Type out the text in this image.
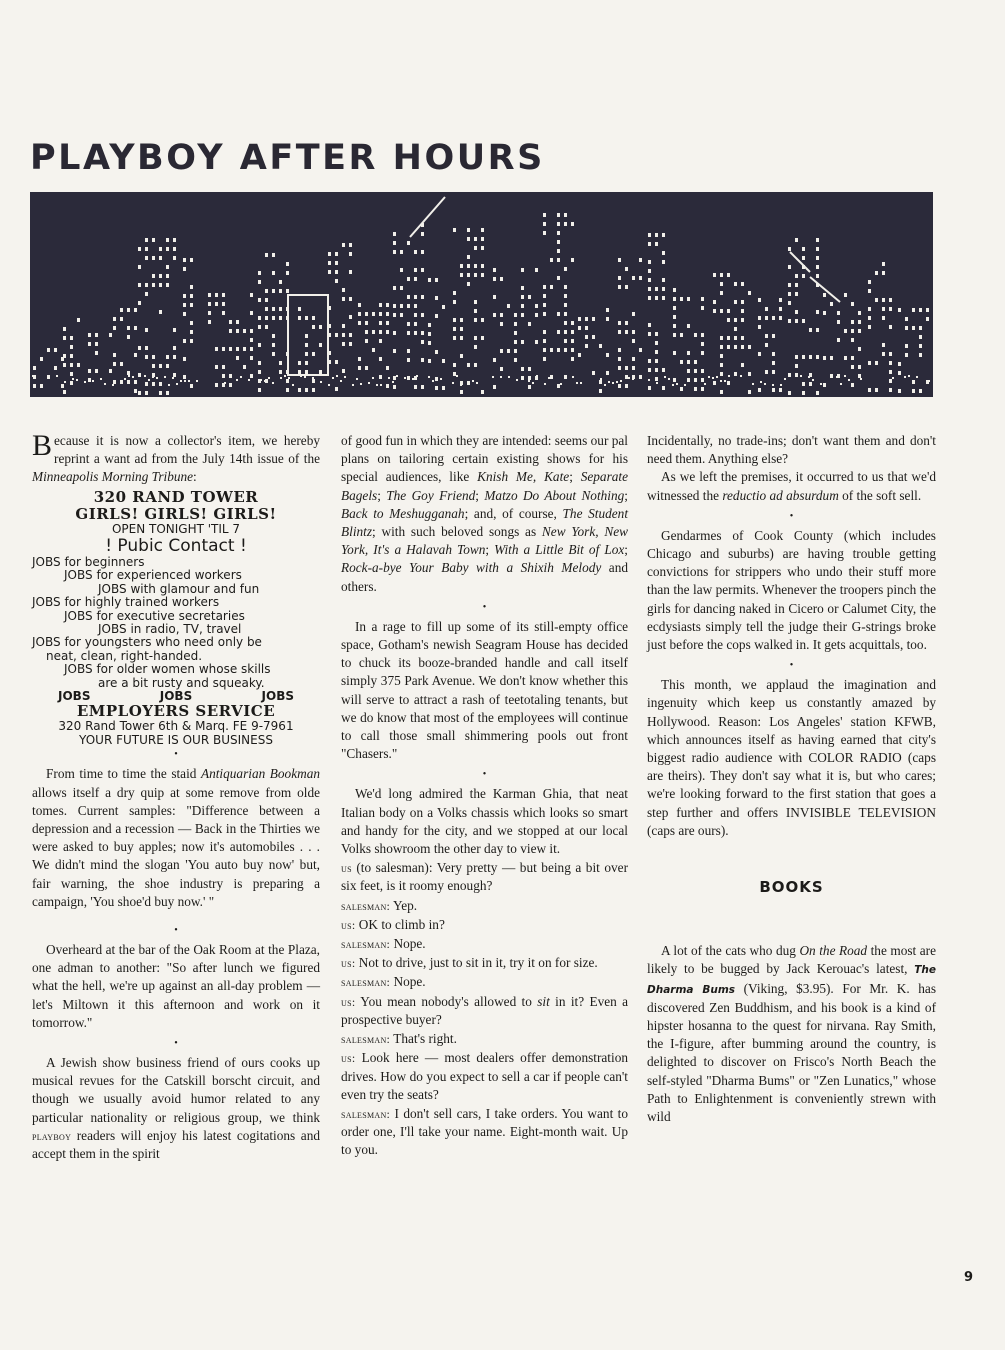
PLAYBOY AFTER HOURS

Because it is now a collector's item, we hereby reprint a want ad from the July 14th issue of the Minneapolis Morning Tribune:

320 RAND TOWER
GIRLS! GIRLS! GIRLS!
OPEN TONIGHT 'TIL 7
! Pubic Contact !
JOBS for beginners
JOBS for experienced workers
JOBS with glamour and fun
JOBS for highly trained workers
JOBS for executive secretaries
JOBS in radio, TV, travel
JOBS for youngsters who need only be
neat, clean, right-handed.
JOBS for older women whose skills
are a bit rusty and squeaky.
JOBS	JOBS	JOBS
EMPLOYERS SERVICE
320 Rand Tower 6th & Marq. FE 9-7961
YOUR FUTURE IS OUR BUSINESS
•

From time to time the staid Antiquarian Bookman allows itself a dry quip at some remove from olde tomes. Current samples: "Difference between a depression and a recession — Back in the Thirties we were asked to buy apples; now it's automobiles . . . We didn't mind the slogan 'You auto buy now' but, fair warning, the shoe industry is preparing a campaign, 'You shoe'd buy now.' "

•

Overheard at the bar of the Oak Room at the Plaza, one adman to another: "So after lunch we figured what the hell, we're up against an all-day problem — let's Miltown it this afternoon and work on it tomorrow."

•

A Jewish show business friend of ours cooks up musical revues for the Catskill borscht circuit, and though we usually avoid humor related to any particular nationality or religious group, we think playboy readers will enjoy his latest cogitations and accept them in the spirit

of good fun in which they are intended: seems our pal plans on tailoring certain existing shows for his special audiences, like Knish Me, Kate; Separate Bagels; The Goy Friend; Matzo Do About Nothing; Back to Meshugganah; and, of course, The Student Blintz; with such beloved songs as New York, New York, It's a Halavah Town; With a Little Bit of Lox; Rock-a-bye Your Baby with a Shixih Melody and others.

•

In a rage to fill up some of its still-empty office space, Gotham's newish Seagram House has decided to chuck its booze-branded handle and call itself simply 375 Park Avenue. We don't know whether this will serve to attract a rash of teetotaling tenants, but we do know that most of the employees will continue to call those small shimmering pools out front "Chasers."

•

We'd long admired the Karman Ghia, that neat Italian body on a Volks chassis which looks so smart and handy for the city, and we stopped at our local Volks showroom the other day to view it.

us (to salesman): Very pretty — but being a bit over six feet, is it roomy enough?

salesman: Yep.

us: OK to climb in?

salesman: Nope.

us: Not to drive, just to sit in it, try it on for size.

salesman: Nope.

us: You mean nobody's allowed to sit in it? Even a prospective buyer?

salesman: That's right.

us: Look here — most dealers offer demonstration drives. How do you expect to sell a car if people can't even try the seats?

salesman: I don't sell cars, I take orders. You want to order one, I'll take your name. Eight-month wait. Up to you.

Incidentally, no trade-ins; don't want them and don't need them. Anything else?

As we left the premises, it occurred to us that we'd witnessed the reductio ad absurdum of the soft sell.

•

Gendarmes of Cook County (which includes Chicago and suburbs) are having trouble getting convictions for strippers who undo their stuff more than the law permits. Whenever the troopers pinch the girls for dancing naked in Cicero or Calumet City, the ecdysiasts simply tell the judge their G-strings broke just before the cops walked in. It gets acquittals, too.

•

This month, we applaud the imagination and ingenuity which keep us constantly amazed by Hollywood. Reason: Los Angeles' station KFWB, which announces itself as having earned that city's biggest radio audience with COLOR RADIO (caps are theirs). They don't say what it is, but who cares; we're looking forward to the first station that goes a step further and offers INVISIBLE TELEVISION (caps are ours).

BOOKS

A lot of the cats who dug On the Road the most are likely to be bugged by Jack Kerouac's latest, The Dharma Bums (Viking, $3.95). For Mr. K. has discovered Zen Buddhism, and his book is a kind of hipster hosanna to the quest for nirvana. Ray Smith, the I-figure, after bumming around the country, is delighted to discover on Frisco's North Beach the self-styled "Dharma Bums" or "Zen Lunatics," whose Path to Enlightenment is conveniently strewn with wild

9
